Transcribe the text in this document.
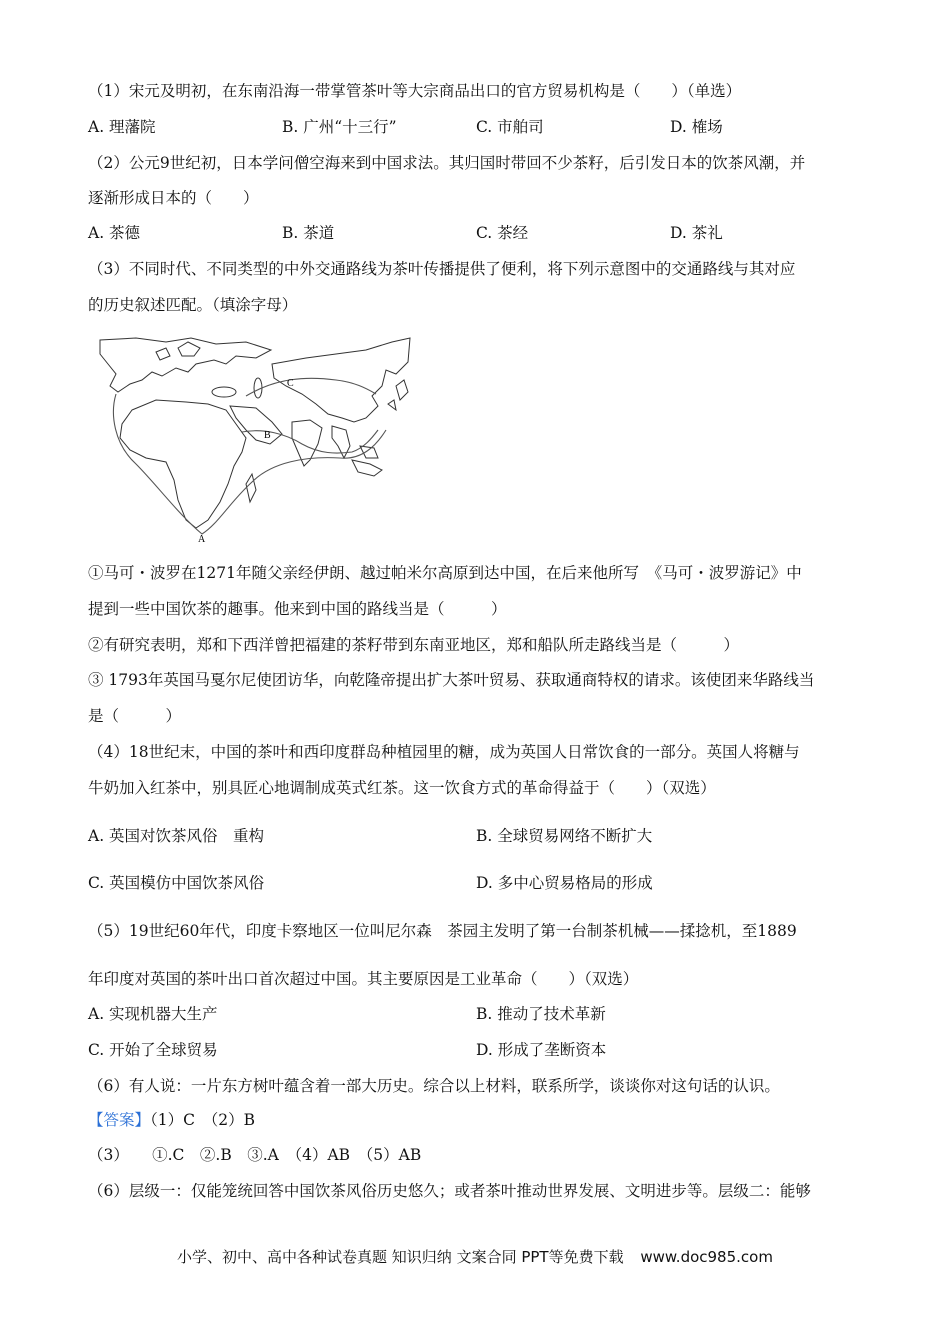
（1）宋元及明初，在东南沿海一带掌管茶叶等大宗商品出口的官方贸易机构是（　　）（单选）
A. 理藩院	B. 广州“十三行”	C. 市舶司	D. 榷场
（2）公元9世纪初，日本学问僧空海来到中国求法。其归国时带回不少茶籽，后引发日本的饮茶风潮，并
逐渐形成日本的（　　）
A. 茶德	B. 茶道	C. 茶经	D. 茶礼
（3）不同时代、不同类型的中外交通路线为茶叶传播提供了便利，将下列示意图中的交通路线与其对应
的历史叙述匹配。（填涂字母）
C
B
A
①马可・波罗在1271年随父亲经伊朗、越过帕米尔高原到达中国，在后来他所写　《马可・波罗游记》中
提到一些中国饮茶的趣事。他来到中国的路线当是（　　　）
②有研究表明，郑和下西洋曾把福建的茶籽带到东南亚地区，郑和船队所走路线当是（　　　）
③ 1793年英国马戛尔尼使团访华，向乾隆帝提出扩大茶叶贸易、获取通商特权的请求。该使团来华路线当
是（　　　）
（4）18世纪末，中国的茶叶和西印度群岛种植园里的糖，成为英国人日常饮食的一部分。英国人将糖与
牛奶加入红茶中，别具匠心地调制成英式红茶。这一饮食方式的革命得益于（　　）（双选）
A. 英国对饮茶风俗　重构	B. 全球贸易网络不断扩大
C. 英国模仿中国饮茶风俗	D. 多中心贸易格局的形成
（5）19世纪60年代，印度卡察地区一位叫尼尔森　茶园主发明了第一台制茶机械——揉捻机，至1889
年印度对英国的茶叶出口首次超过中国。其主要原因是工业革命（　　）（双选）
A. 实现机器大生产	B. 推动了技术革新
C. 开始了全球贸易	D. 形成了垄断资本
（6）有人说：一片东方树叶蕴含着一部大历史。综合以上材料，联系所学，谈谈你对这句话的认识。
【答案】（1）C　（2）B
（3）　　①.C　②.B　③.A　（4）AB　（5）AB
（6）层级一：仅能笼统回答中国饮茶风俗历史悠久；或者茶叶推动世界发展、文明进步等。层级二：能够
小学、初中、高中各种试卷真题 知识归纳 文案合同 PPT等免费下载 www.doc985.com
